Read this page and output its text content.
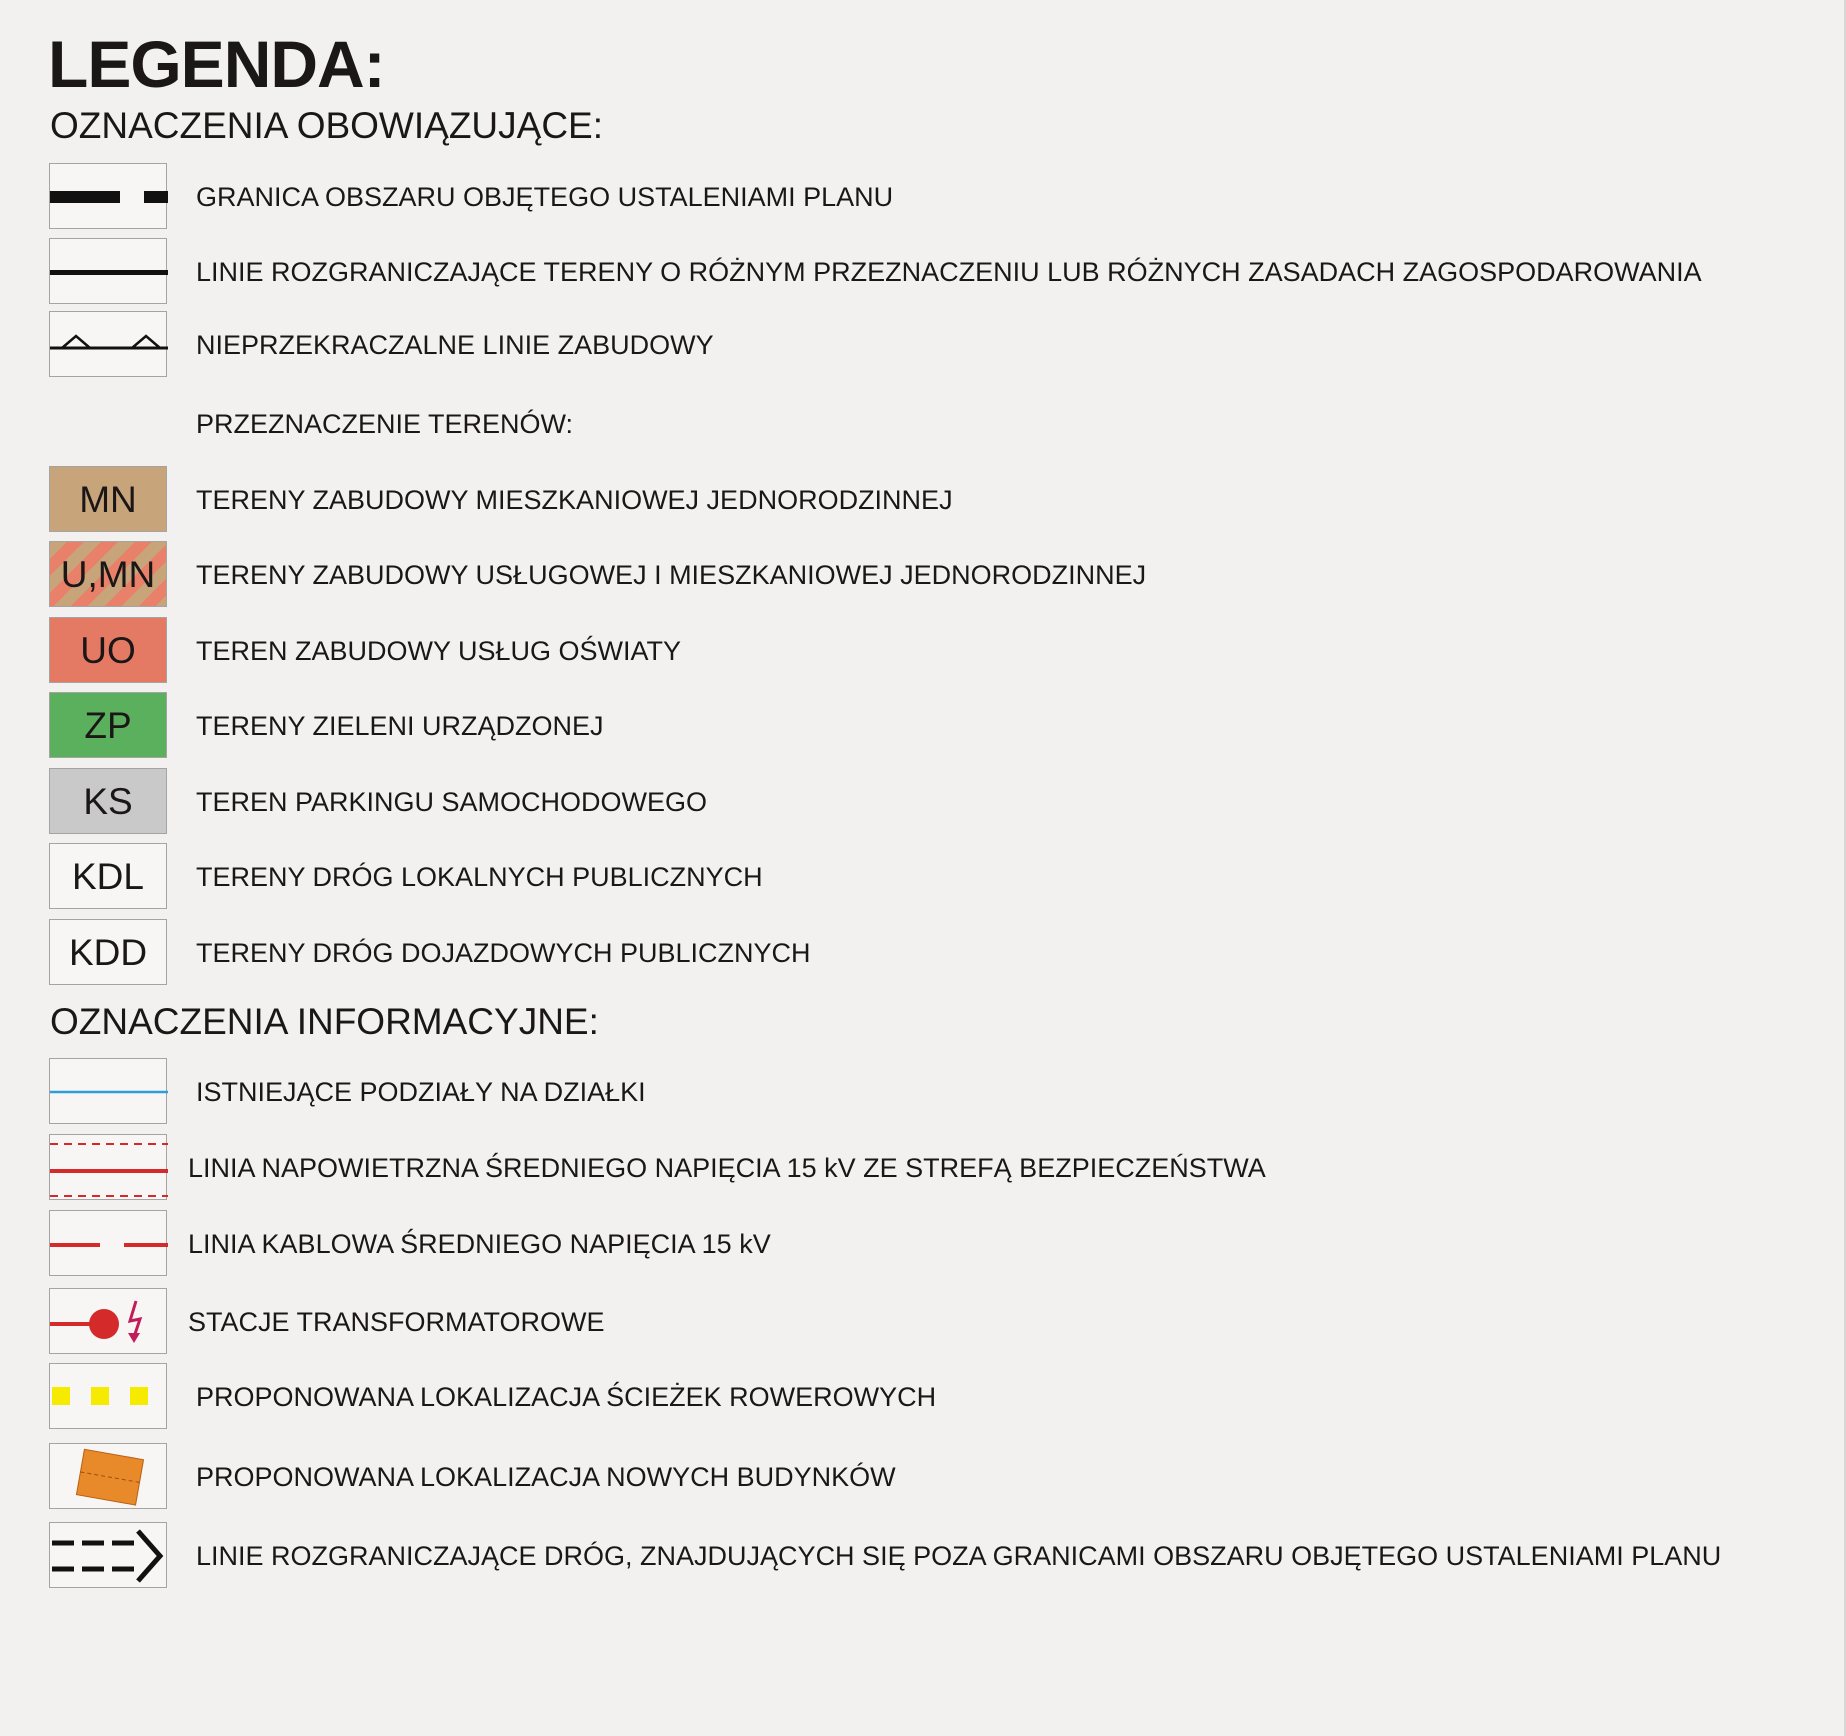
LEGENDA:
OZNACZENIA OBOWIĄZUJĄCE:
GRANICA OBSZARU OBJĘTEGO USTALENIAMI PLANU
LINIE ROZGRANICZAJĄCE TERENY O RÓŻNYM PRZEZNACZENIU LUB RÓŻNYCH ZASADACH ZAGOSPODAROWANIA
NIEPRZEKRACZALNE LINIE ZABUDOWY
PRZEZNACZENIE TERENÓW:
MN	TERENY ZABUDOWY MIESZKANIOWEJ JEDNORODZINNEJ
U,MN	TERENY ZABUDOWY USŁUGOWEJ I MIESZKANIOWEJ JEDNORODZINNEJ
UO	TEREN ZABUDOWY USŁUG OŚWIATY
ZP	TERENY ZIELENI URZĄDZONEJ
KS	TEREN PARKINGU SAMOCHODOWEGO
KDL	TERENY DRÓG LOKALNYCH PUBLICZNYCH
KDD	TERENY DRÓG DOJAZDOWYCH PUBLICZNYCH
OZNACZENIA INFORMACYJNE:
ISTNIEJĄCE PODZIAŁY NA DZIAŁKI
LINIA NAPOWIETRZNA ŚREDNIEGO NAPIĘCIA 15 kV ZE STREFĄ BEZPIECZEŃSTWA
LINIA KABLOWA ŚREDNIEGO NAPIĘCIA 15 kV
STACJE TRANSFORMATOROWE
PROPONOWANA LOKALIZACJA ŚCIEŻEK ROWEROWYCH
PROPONOWANA LOKALIZACJA NOWYCH BUDYNKÓW
LINIE ROZGRANICZAJĄCE DRÓG, ZNAJDUJĄCYCH SIĘ POZA GRANICAMI OBSZARU OBJĘTEGO USTALENIAMI PLANU
